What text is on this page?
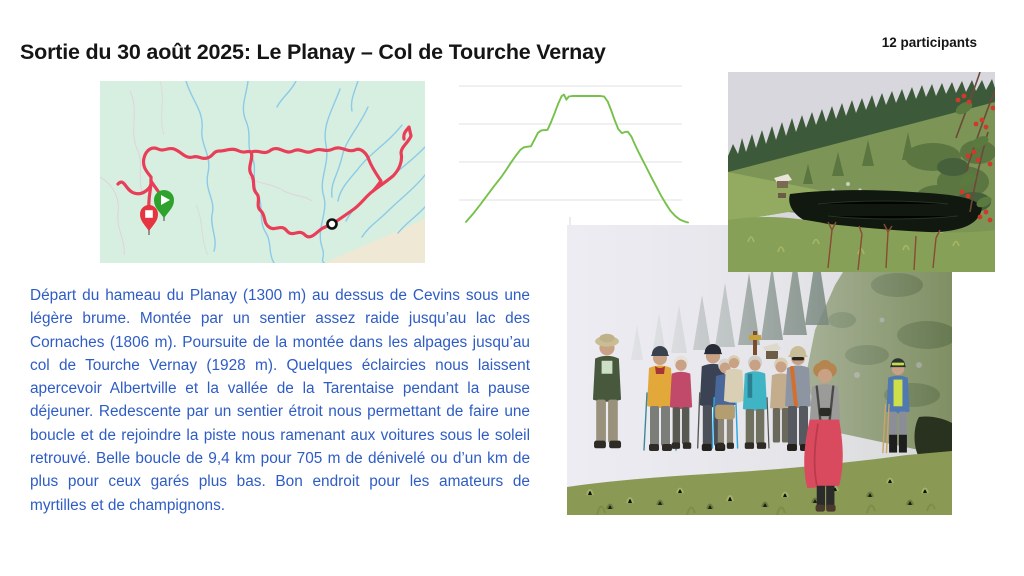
Sortie du 30 août 2025: Le Planay – Col de Tourche Vernay	12 participants

Départ du hameau du Planay (1300 m) au dessus de Cevins sous une légère brume. Montée par un sentier assez raide jusqu’au lac des Cornaches (1806 m). Poursuite de la montée dans les alpages jusqu’au col de Tourche Vernay (1928 m). Quelques éclaircies nous laissent apercevoir Albertville et la vallée de la Tarentaise pendant la pause déjeuner. Redescente par un sentier étroit nous permettant de faire une boucle et de rejoindre la piste nous ramenant aux voitures sous le soleil retrouvé. Belle boucle de 9,4 km pour 705 m de dénivelé ou d’un km de plus pour ceux garés plus bas. Bon endroit pour les amateurs de myrtilles et de champignons.
